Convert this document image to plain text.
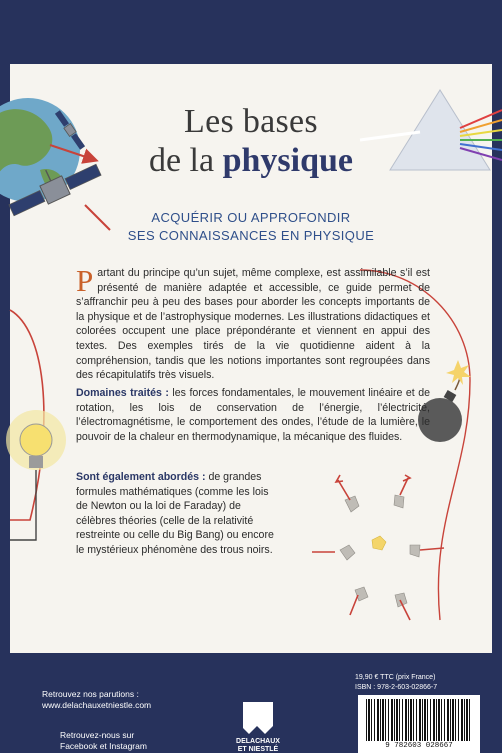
Les bases
de la physique
ACQUÉRIR OU APPROFONDIR
SES CONNAISSANCES EN PHYSIQUE
Partant du principe qu’un sujet, même complexe, est assimilable s’il est présenté de manière adaptée et accessible, ce guide permet de s’affranchir peu à peu des bases pour aborder les concepts importants de la physique et de l’astrophysique modernes. Les illustrations didactiques et colorées occupent une place prépondérante et viennent en appui des textes. Des exemples tirés de la vie quotidienne aident à la compréhension, tandis que les notions importantes sont regroupées dans des récapitulatifs très visuels.
Domaines traités : les forces fondamentales, le mouvement linéaire et de rotation, les lois de conservation de l’énergie, l’électricité, l’électromagnétisme, le comportement des ondes, l’étude de la lumière, le pouvoir de la chaleur en thermodynamique, la mécanique des fluides.
Sont également abordés : de grandes formules mathématiques (comme les lois de Newton ou la loi de Faraday) de célèbres théories (celle de la relativité restreinte ou celle du Big Bang) ou encore le mystérieux phénomène des trous noirs.
Retrouvez nos parutions :
www.delachauxetniestle.com
Retrouvez-nous sur
Facebook et Instagram	DELACHAUX
ET NIESTLÉ
19,90 € TTC (prix France)
ISBN : 978-2-603-02866-7
9 782603 028667
